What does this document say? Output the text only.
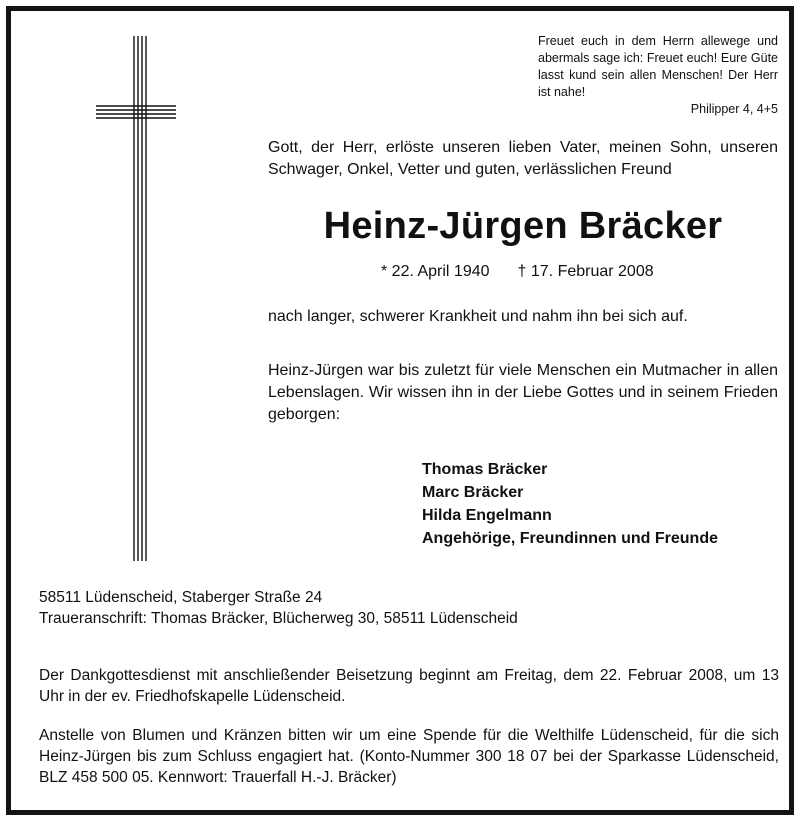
Freuet euch in dem Herrn allewege und abermals sage ich: Freuet euch! Eure Güte lasst kund sein allen Menschen! Der Herr ist nahe!
Philipper 4, 4+5
Gott, der Herr, erlöste unseren lieben Vater, meinen Sohn, unseren Schwager, Onkel, Vetter und guten, verlässlichen Freund
Heinz-Jürgen Bräcker
* 22. April 1940 † 17. Februar 2008
nach langer, schwerer Krankheit und nahm ihn bei sich auf.
Heinz-Jürgen war bis zuletzt für viele Menschen ein Mutmacher in allen Lebenslagen. Wir wissen ihn in der Liebe Gottes und in seinem Frieden geborgen:
Thomas Bräcker
Marc Bräcker
Hilda Engelmann
Angehörige, Freundinnen und Freunde
58511 Lüdenscheid, Staberger Straße 24
Traueranschrift: Thomas Bräcker, Blücherweg 30, 58511 Lüdenscheid
Der Dankgottesdienst mit anschließender Beisetzung beginnt am Freitag, dem 22. Februar 2008, um 13 Uhr in der ev. Friedhofskapelle Lüdenscheid.
Anstelle von Blumen und Kränzen bitten wir um eine Spende für die Welthilfe Lüdenscheid, für die sich Heinz-Jürgen bis zum Schluss engagiert hat. (Konto-Nummer 300 18 07 bei der Sparkasse Lüdenscheid, BLZ 458 500 05. Kennwort: Trauerfall H.-J. Bräcker)
